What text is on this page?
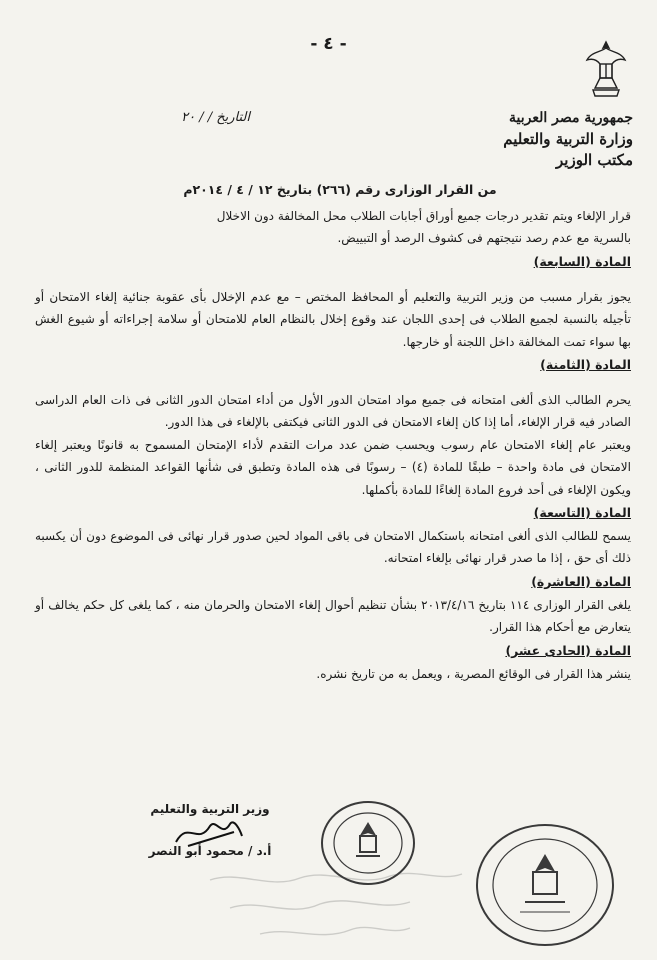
- ٤ -
جمهورية مصر العربية
وزارة التربية والتعليم
مكتب الوزير
التاريخ / / ٢٠
من القرار الوزارى رقم (٢٦٦) بتاريخ ١٢ / ٤ / ٢٠١٤م

قرار الإلغاء ويتم تقدير درجات جميع أوراق أجابات الطلاب محل المخالفة دون الاخلال

بالسرية مع عدم رصد نتيجتهم فى كشوف الرصد أو التبييض.

المادة (السابعة)

يجوز بقرار مسبب من وزير التربية والتعليم أو المحافظ المختص – مع عدم الإخلال بأى عقوبة جنائية إلغاء الامتحان أو تأجيله بالنسبة لجميع الطلاب فى إحدى اللجان عند وقوع إخلال بالنظام العام للامتحان أو سلامة إجراءاته أو شيوع الغش بها سواء تمت المخالفة داخل اللجنة أو خارجها.

المادة (الثامنة)

يحرم الطالب الذى ألغى امتحانه فى جميع مواد امتحان الدور الأول من أداء امتحان الدور الثانى فى ذات العام الدراسى الصادر فيه قرار الإلغاء، أما إذا كان إلغاء الامتحان فى الدور الثانى فيكتفى بالإلغاء فى هذا الدور.

ويعتبر عام إلغاء الامتحان عام رسوب ويحسب ضمن عدد مرات التقدم لأداء الإمتحان المسموح به قانونًا ويعتبر إلغاء الامتحان فى مادة واحدة – طبقًا للمادة (٤) – رسوبًا فى هذه المادة وتطبق فى شأنها القواعد المنظمة للدور الثانى ، ويكون الإلغاء فى أحد فروع المادة إلغاءًا للمادة بأكملها.

المادة (التاسعة)

يسمح للطالب الذى ألغى امتحانه باستكمال الامتحان فى باقى المواد لحين صدور قرار نهائى فى الموضوع دون أن يكسبه ذلك أى حق ، إذا ما صدر قرار نهائى بإلغاء امتحانه.

المادة (العاشرة)

يلغى القرار الوزارى ١١٤ بتاريخ ٢٠١٣/٤/١٦ بشأن تنظيم أحوال إلغاء الامتحان والحرمان منه ، كما يلغى كل حكم يخالف أو يتعارض مع أحكام هذا القرار.

المادة (الحادى عشر)

ينشر هذا القرار فى الوقائع المصرية ، ويعمل به من تاريخ نشره.

وزير التربية والتعليم
أ.د / محمود أبو النصر
